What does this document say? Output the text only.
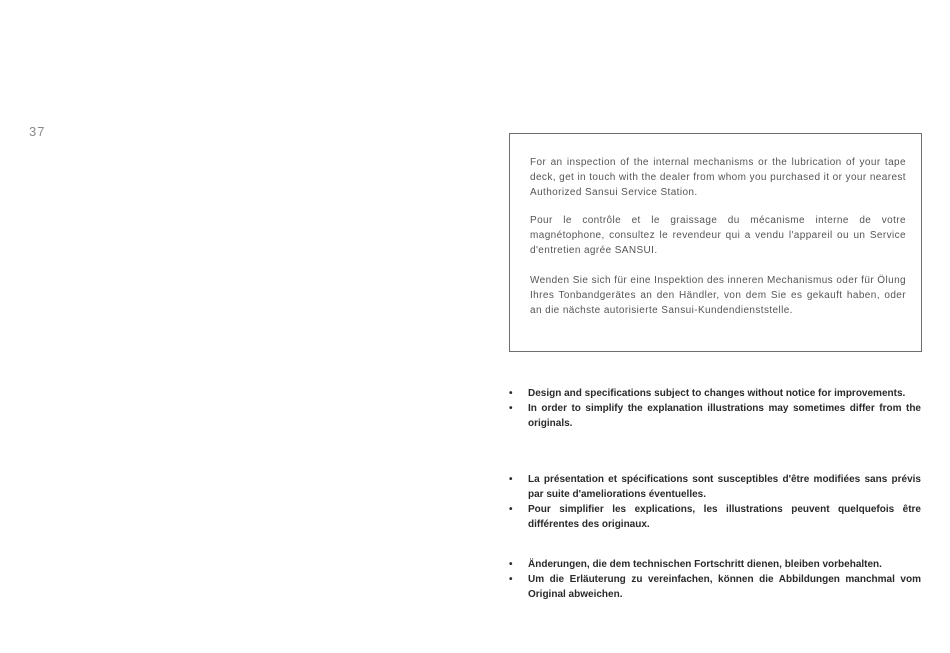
37

For an inspection of the internal mechanisms or the lubrication of your tape deck, get in touch with the dealer from whom you purchased it or your nearest Authorized Sansui Service Station.

Pour le contrôle et le graissage du mécanisme interne de votre magnétophone, consultez le revendeur qui a vendu l'appareil ou un Service d'entretien agrée SANSUI.

Wenden Sie sich für eine Inspektion des inneren Mechanismus oder für Ölung Ihres Tonbandgerätes an den Händler, von dem Sie es gekauft haben, oder an die nächste autorisierte Sansui-Kundendienststelle.

• Design and specifications subject to changes without notice for improvements.

• In order to simplify the explanation illustrations may sometimes differ from the originals.

• La présentation et spécifications sont susceptibles d'être modifiées sans prévis par suite d'ameliorations éventuelles.

• Pour simplifier les explications, les illustrations peuvent quelquefois être différentes des originaux.

• Änderungen, die dem technischen Fortschritt dienen, bleiben vorbehalten.

• Um die Erläuterung zu vereinfachen, können die Abbildungen manchmal vom Original abweichen.
